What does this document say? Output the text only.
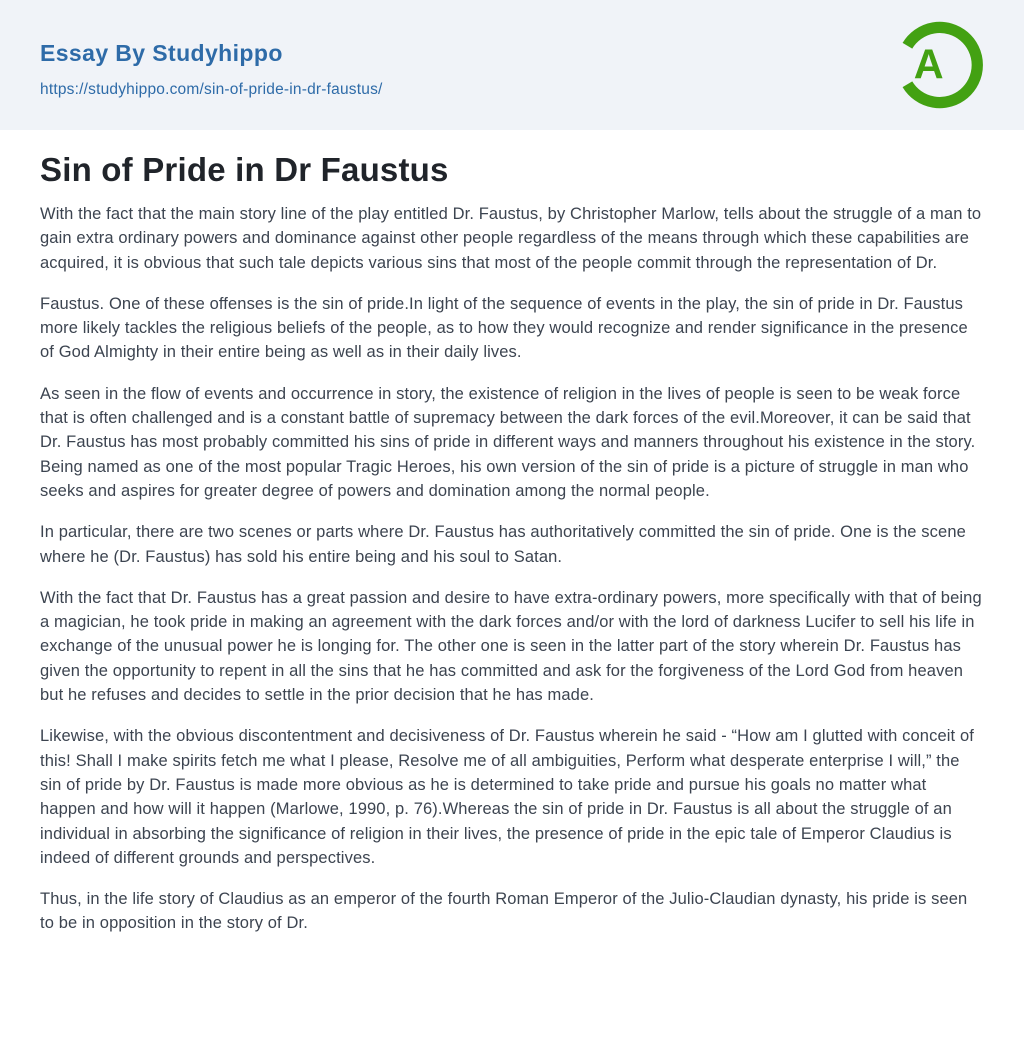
Essay By Studyhippo
https://studyhippo.com/sin-of-pride-in-dr-faustus/
A
Sin of Pride in Dr Faustus

With the fact that the main story line of the play entitled Dr. Faustus, by Christopher Marlow, tells about the struggle of a man to gain extra ordinary powers and dominance against other people regardless of the means through which these capabilities are acquired, it is obvious that such tale depicts various sins that most of the people commit through the representation of Dr.

Faustus. One of these offenses is the sin of pride.In light of the sequence of events in the play, the sin of pride in Dr. Faustus more likely tackles the religious beliefs of the people, as to how they would recognize and render significance in the presence of God Almighty in their entire being as well as in their daily lives.

As seen in the flow of events and occurrence in story, the existence of religion in the lives of people is seen to be weak force that is often challenged and is a constant battle of supremacy between the dark forces of the evil.Moreover, it can be said that Dr. Faustus has most probably committed his sins of pride in different ways and manners throughout his existence in the story. Being named as one of the most popular Tragic Heroes, his own version of the sin of pride is a picture of struggle in man who seeks and aspires for greater degree of powers and domination among the normal people.

In particular, there are two scenes or parts where Dr. Faustus has authoritatively committed the sin of pride. One is the scene where he (Dr. Faustus) has sold his entire being and his soul to Satan.

With the fact that Dr. Faustus has a great passion and desire to have extra-ordinary powers, more specifically with that of being a magician, he took pride in making an agreement with the dark forces and/or with the lord of darkness Lucifer to sell his life in exchange of the unusual power he is longing for. The other one is seen in the latter part of the story wherein Dr. Faustus has given the opportunity to repent in all the sins that he has committed and ask for the forgiveness of the Lord God from heaven but he refuses and decides to settle in the prior decision that he has made.

Likewise, with the obvious discontentment and decisiveness of Dr. Faustus wherein he said - “How am I glutted with conceit of this! Shall I make spirits fetch me what I please, Resolve me of all ambiguities, Perform what desperate enterprise I will,” the sin of pride by Dr. Faustus is made more obvious as he is determined to take pride and pursue his goals no matter what happen and how will it happen (Marlowe, 1990, p. 76).Whereas the sin of pride in Dr. Faustus is all about the struggle of an individual in absorbing the significance of religion in their lives, the presence of pride in the epic tale of Emperor Claudius is indeed of different grounds and perspectives.

Thus, in the life story of Claudius as an emperor of the fourth Roman Emperor of the Julio-Claudian dynasty, his pride is seen to be in opposition in the story of Dr.
